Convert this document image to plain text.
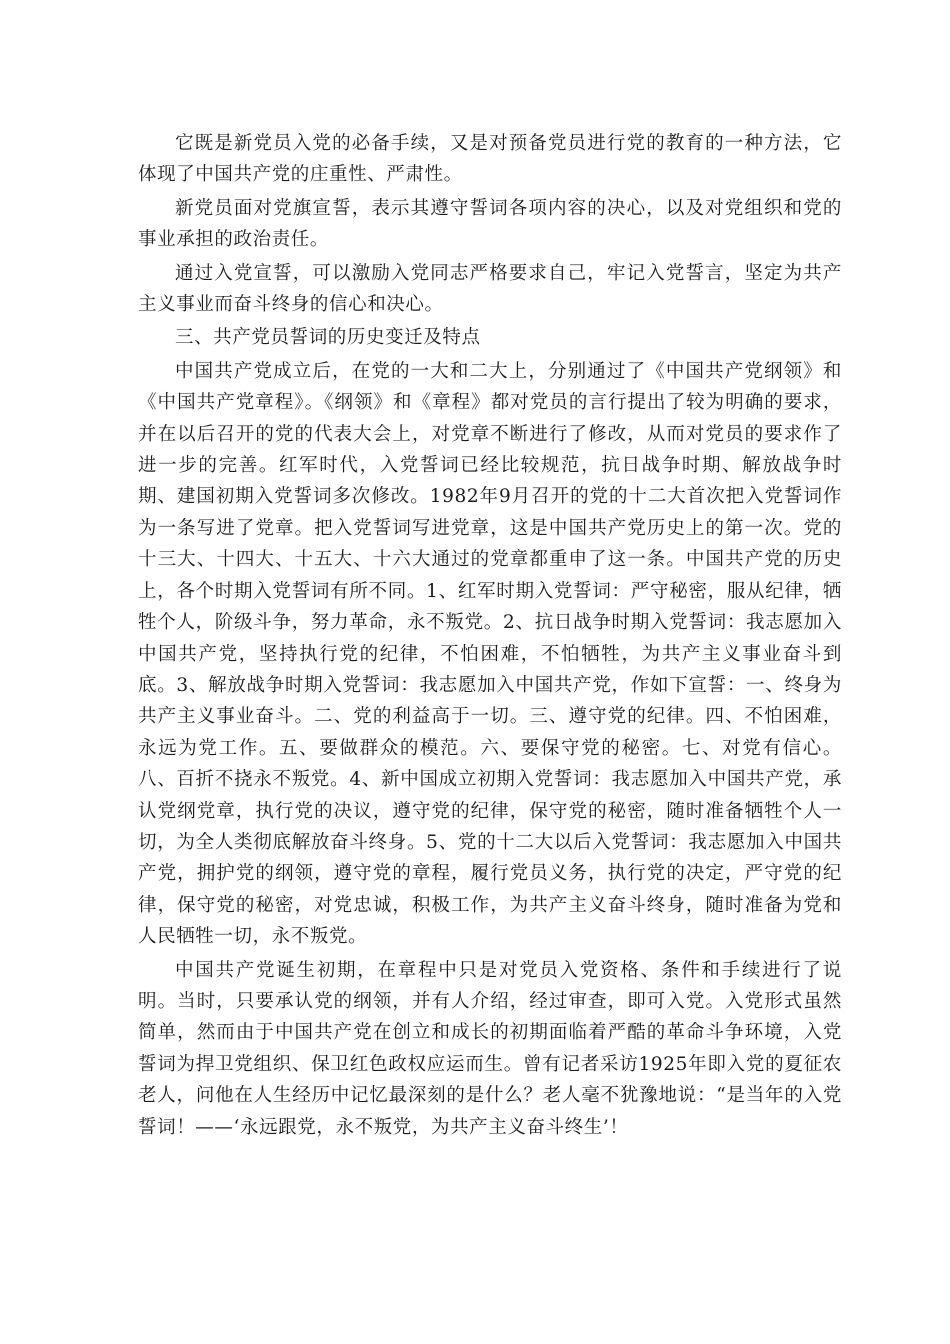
它既是新党员入党的必备手续，又是对预备党员进行党的教育的一种方法，它体现了中国共产党的庄重性、严肃性。

新党员面对党旗宣誓，表示其遵守誓词各项内容的决心，以及对党组织和党的事业承担的政治责任。

通过入党宣誓，可以激励入党同志严格要求自己，牢记入党誓言，坚定为共产主义事业而奋斗终身的信心和决心。

三、共产党员誓词的历史变迁及特点

中国共产党成立后，在党的一大和二大上，分别通过了《中国共产党纲领》和《中国共产党章程》。《纲领》和《章程》都对党员的言行提出了较为明确的要求，并在以后召开的党的代表大会上，对党章不断进行了修改，从而对党员的要求作了进一步的完善。红军时代，入党誓词已经比较规范，抗日战争时期、解放战争时期、建国初期入党誓词多次修改。1982年9月召开的党的十二大首次把入党誓词作为一条写进了党章。把入党誓词写进党章，这是中国共产党历史上的第一次。党的十三大、十四大、十五大、十六大通过的党章都重申了这一条。中国共产党的历史上，各个时期入党誓词有所不同。1、红军时期入党誓词：严守秘密，服从纪律，牺牲个人，阶级斗争，努力革命，永不叛党。2、抗日战争时期入党誓词：我志愿加入中国共产党，坚持执行党的纪律，不怕困难，不怕牺牲，为共产主义事业奋斗到底。3、解放战争时期入党誓词：我志愿加入中国共产党，作如下宣誓：一、终身为共产主义事业奋斗。二、党的利益高于一切。三、遵守党的纪律。四、不怕困难，永远为党工作。五、要做群众的模范。六、要保守党的秘密。七、对党有信心。八、百折不挠永不叛党。4、新中国成立初期入党誓词：我志愿加入中国共产党，承认党纲党章，执行党的决议，遵守党的纪律，保守党的秘密，随时准备牺牲个人一切，为全人类彻底解放奋斗终身。5、党的十二大以后入党誓词：我志愿加入中国共产党，拥护党的纲领，遵守党的章程，履行党员义务，执行党的决定，严守党的纪律，保守党的秘密，对党忠诚，积极工作，为共产主义奋斗终身，随时准备为党和人民牺牲一切，永不叛党。

中国共产党诞生初期，在章程中只是对党员入党资格、条件和手续进行了说明。当时，只要承认党的纲领，并有人介绍，经过审查，即可入党。入党形式虽然简单，然而由于中国共产党在创立和成长的初期面临着严酷的革命斗争环境，入党誓词为捍卫党组织、保卫红色政权应运而生。曾有记者采访1925年即入党的夏征农老人，问他在人生经历中记忆最深刻的是什么？老人毫不犹豫地说：“是当年的入党誓词！——‘永远跟党，永不叛党，为共产主义奋斗终生’！
